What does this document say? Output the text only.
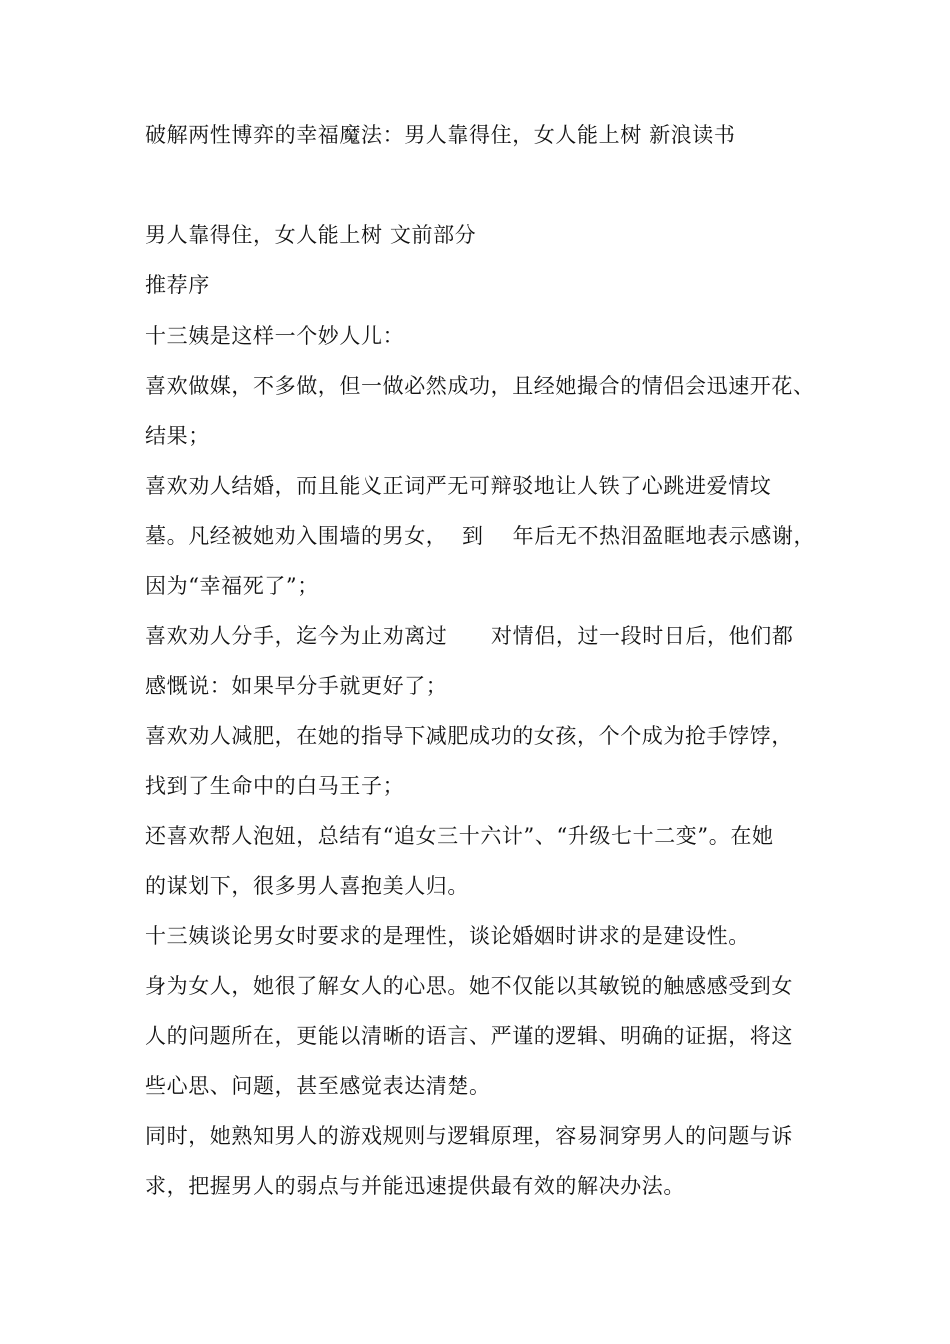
破解两性博弈的幸福魔法：男人靠得住，女人能上树 新浪读书
男人靠得住，女人能上树 文前部分
推荐序
十三姨是这样一个妙人儿：
喜欢做媒，不多做，但一做必然成功，且经她撮合的情侣会迅速开花、
结果；
喜欢劝人结婚，而且能义正词严无可辩驳地让人铁了心跳进爱情坟
墓。凡经被她劝入围墙的男女，  到    年后无不热泪盈眶地表示感谢，
因为“幸福死了”；
喜欢劝人分手，迄今为止劝离过      对情侣，过一段时日后，他们都
感慨说：如果早分手就更好了；
喜欢劝人减肥，在她的指导下减肥成功的女孩，个个成为抢手饽饽，
找到了生命中的白马王子；
还喜欢帮人泡妞，总结有“追女三十六计”、“升级七十二变”。在她
的谋划下，很多男人喜抱美人归。
十三姨谈论男女时要求的是理性，谈论婚姻时讲求的是建设性。
身为女人，她很了解女人的心思。她不仅能以其敏锐的触感感受到女
人的问题所在，更能以清晰的语言、严谨的逻辑、明确的证据，将这
些心思、问题，甚至感觉表达清楚。
同时，她熟知男人的游戏规则与逻辑原理，容易洞穿男人的问题与诉
求，把握男人的弱点与并能迅速提供最有效的解决办法。
